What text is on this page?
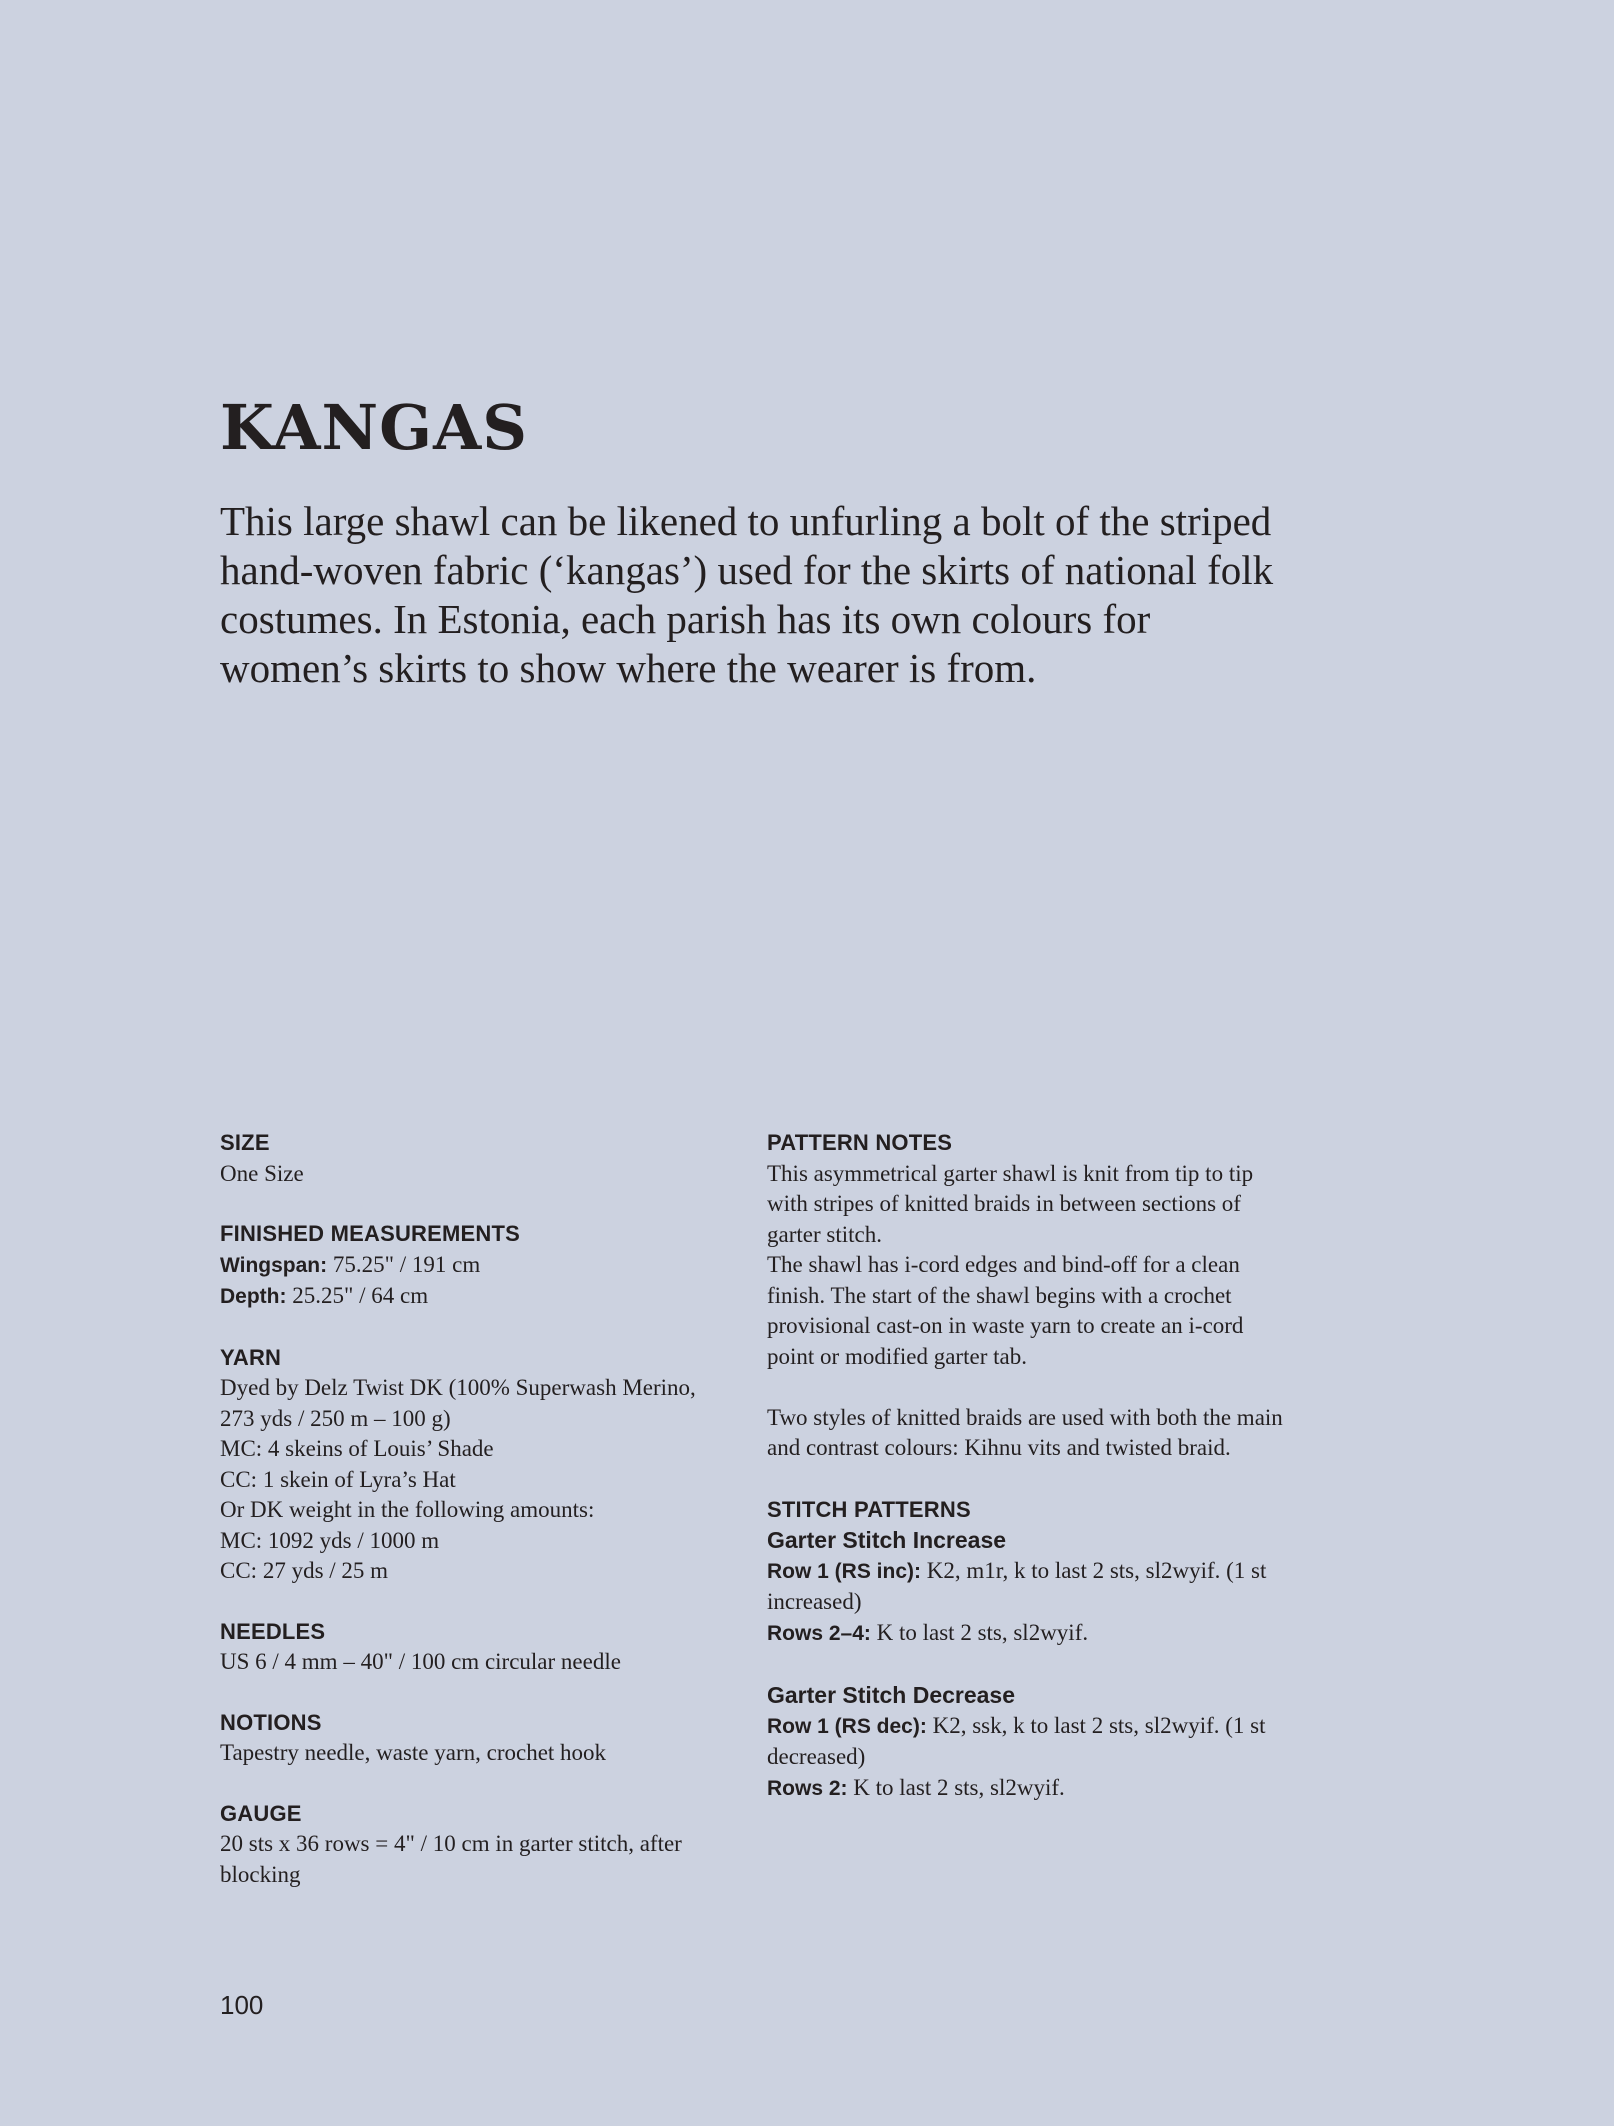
KANGAS

This large shawl can be likened to unfurling a bolt of the striped hand-woven fabric (‘kangas’) used for the skirts of national folk costumes. In Estonia, each parish has its own colours for women’s skirts to show where the wearer is from.

SIZE
One Size
FINISHED MEASUREMENTS
Wingspan: 75.25" / 191 cm
Depth: 25.25" / 64 cm
YARN
Dyed by Delz Twist DK (100% Superwash Merino,
273 yds / 250 m – 100 g)
MC: 4 skeins of Louis’ Shade
CC: 1 skein of Lyra’s Hat
Or DK weight in the following amounts:
MC: 1092 yds / 1000 m
CC: 27 yds / 25 m
NEEDLES
US 6 / 4 mm – 40" / 100 cm circular needle
NOTIONS
Tapestry needle, waste yarn, crochet hook
GAUGE
20 sts x 36 rows = 4" / 10 cm in garter stitch, after blocking
PATTERN NOTES
This asymmetrical garter shawl is knit from tip to tip with stripes of knitted braids in between sections of garter stitch.
The shawl has i-cord edges and bind-off for a clean finish. The start of the shawl begins with a crochet provisional cast-on in waste yarn to create an i-cord point or modified garter tab.
Two styles of knitted braids are used with both the main and contrast colours: Kihnu vits and twisted braid.
STITCH PATTERNS
Garter Stitch Increase
Row 1 (RS inc): K2, m1r, k to last 2 sts, sl2wyif. (1 st increased)
Rows 2–4: K to last 2 sts, sl2wyif.
Garter Stitch Decrease
Row 1 (RS dec): K2, ssk, k to last 2 sts, sl2wyif. (1 st decreased)
Rows 2: K to last 2 sts, sl2wyif.
100
